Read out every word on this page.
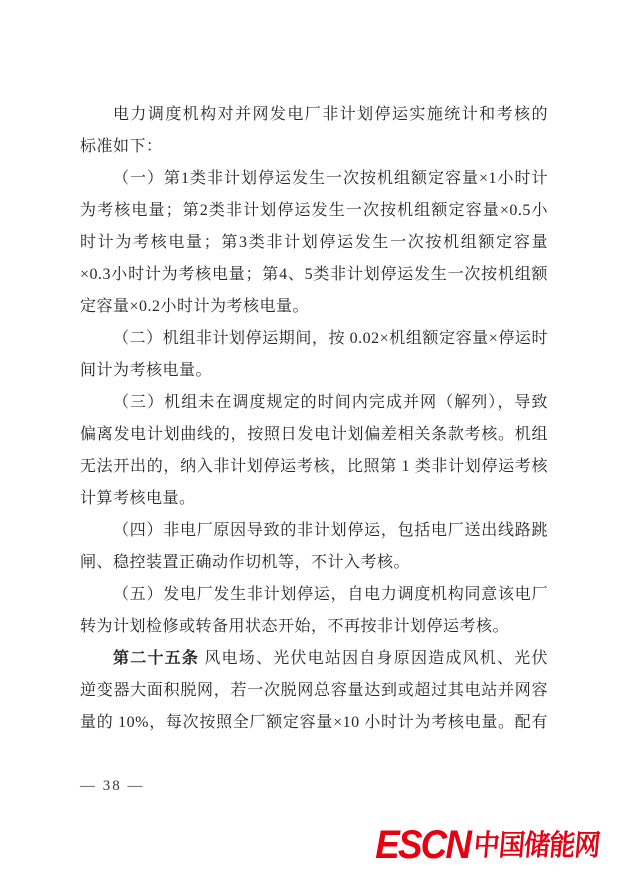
电力调度机构对并网发电厂非计划停运实施统计和考核的
标准如下：
（一）第1类非计划停运发生一次按机组额定容量×1小时计
为考核电量；第2类非计划停运发生一次按机组额定容量×0.5小
时计为考核电量；第3类非计划停运发生一次按机组额定容量
×0.3小时计为考核电量；第4、5类非计划停运发生一次按机组额
定容量×0.2小时计为考核电量。
（二）机组非计划停运期间，按 0.02×机组额定容量×停运时
间计为考核电量。
（三）机组未在调度规定的时间内完成并网（解列），导致
偏离发电计划曲线的，按照日发电计划偏差相关条款考核。机组
无法开出的，纳入非计划停运考核，比照第 1 类非计划停运考核
计算考核电量。
（四）非电厂原因导致的非计划停运，包括电厂送出线路跳
闸、稳控装置正确动作切机等，不计入考核。
（五）发电厂发生非计划停运，自电力调度机构同意该电厂
转为计划检修或转备用状态开始，不再按非计划停运考核。
第二十五条 风电场、光伏电站因自身原因造成风机、光伏
逆变器大面积脱网，若一次脱网总容量达到或超过其电站并网容
量的 10%，每次按照全厂额定容量×10 小时计为考核电量。配有
— 38 —
ESCN中国储能网
